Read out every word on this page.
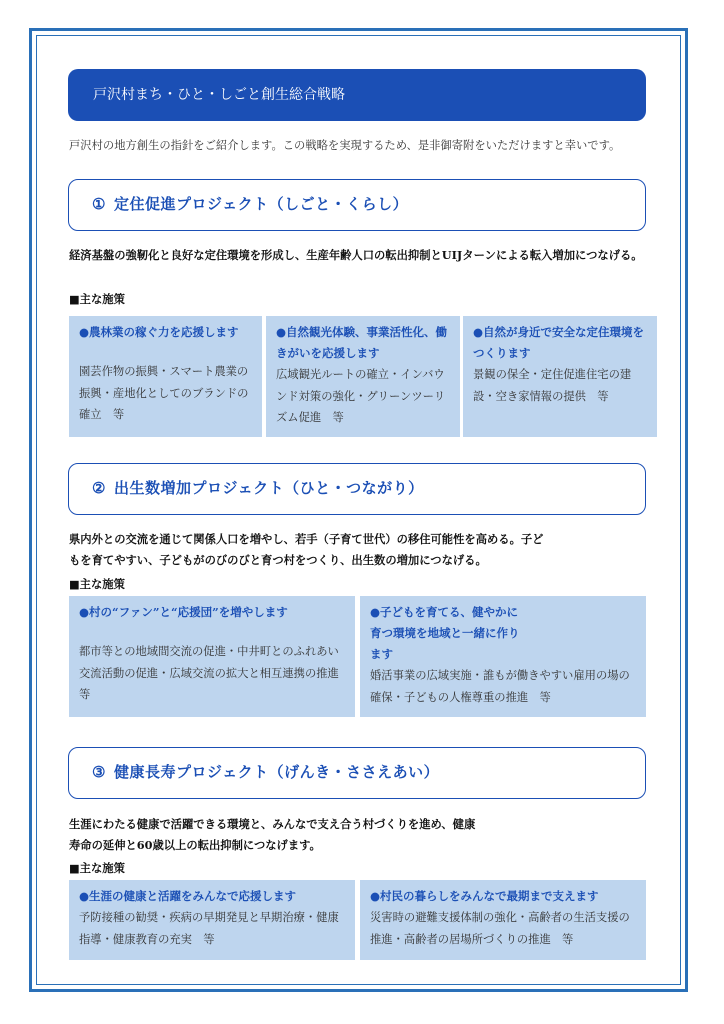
戸沢村まち・ひと・しごと創生総合戦略
戸沢村の地方創生の指針をご紹介します。この戦略を実現するため、是非御寄附をいただけますと幸いです。
① 定住促進プロジェクト（しごと・くらし）
経済基盤の強靭化と良好な定住環境を形成し、生産年齢人口の転出抑制とUIJターンによる転入増加につなげる。
■主な施策
●農林業の稼ぐ力を応援します
園芸作物の振興・スマート農業の振興・産地化としてのブランドの確立　等
●自然観光体験、事業活性化、働きがいを応援します
広域観光ルートの確立・インバウンド対策の強化・グリーンツーリズム促進　等
●自然が身近で安全な定住環境をつくります
景観の保全・定住促進住宅の建設・空き家情報の提供　等
② 出生数増加プロジェクト（ひと・つながり）
県内外との交流を通じて関係人口を増やし、若手（子育て世代）の移住可能性を高める。子どもを育てやすい、子どもがのびのびと育つ村をつくり、出生数の増加につなげる。
■主な施策
●村の“ファン”と“応援団”を増やします
都市等との地域間交流の促進・中井町とのふれあい交流活動の促進・広域交流の拡大と相互連携の推進　等
●子どもを育てる、健やかに育つ環境を地域と一緒に作ります
婚活事業の広域実施・誰もが働きやすい雇用の場の確保・子どもの人権尊重の推進　等
③ 健康長寿プロジェクト（げんき・ささえあい）
生涯にわたる健康で活躍できる環境と、みんなで支え合う村づくりを進め、健康寿命の延伸と60歳以上の転出抑制につなげます。
■主な施策
●生涯の健康と活躍をみんなで応援します
予防接種の勧奨・疾病の早期発見と早期治療・健康指導・健康教育の充実　等
●村民の暮らしをみんなで最期まで支えます
災害時の避難支援体制の強化・高齢者の生活支援の推進・高齢者の居場所づくりの推進　等
